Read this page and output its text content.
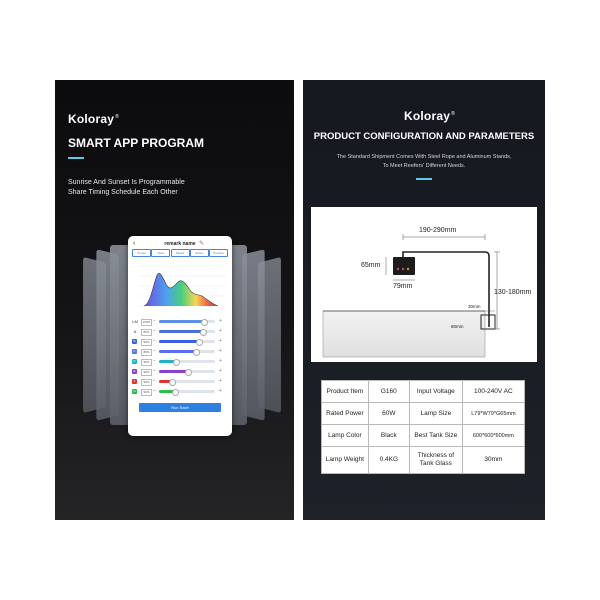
Koloray®
SMART APP PROGRAM
Sunrise And Sunset Is Programmable
Share Timing Schedule Each Other
‹	remark name ✎
Preset	Reef	Mixed	Share	Preview
LM	100% −	+
A	80% −	+
B	90% −	+
C	80% −	+
D	90% −	+
E	90% −	+
F	90% −	+
G	90% −	+
Run Save
Koloray®
PRODUCT CONFIGURATION AND PARAMETERS
The Standard Shipment Comes With Steel Rope and Aluminum Stands,
To Meet Reefers' Different Needs.
190-290mm
65mm
79mm
130-180mm
30mm
80mm
Product Item	G160	Input Voltage	100-240V AC
Rated Power	60W	Lamp Size	L79*W79*G65mm
Lamp Color	Black	Best Tank Size	600*600*600mm
Lamp Weight	0.4KG	Thickness of Tank Glass	30mm
